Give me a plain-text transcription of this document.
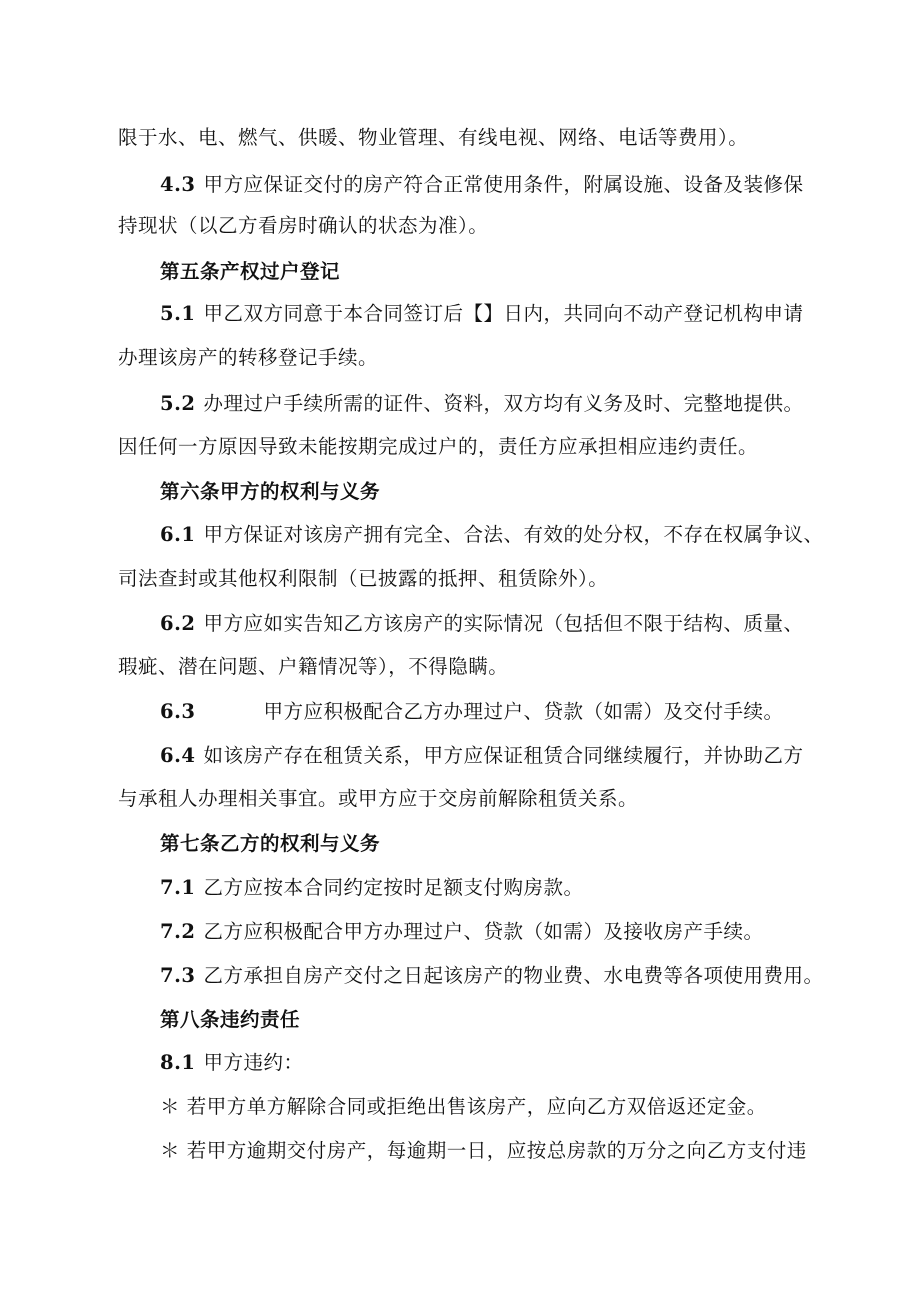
限于水、电、燃气、供暖、物业管理、有线电视、网络、电话等费用）。
4.3 甲方应保证交付的房产符合正常使用条件，附属设施、设备及装修保
持现状（以乙方看房时确认的状态为准）。
第五条产权过户登记
5.1 甲乙双方同意于本合同签订后【】日内，共同向不动产登记机构申请
办理该房产的转移登记手续。
5.2 办理过户手续所需的证件、资料，双方均有义务及时、完整地提供。
因任何一方原因导致未能按期完成过户的，责任方应承担相应违约责任。
第六条甲方的权利与义务
6.1 甲方保证对该房产拥有完全、合法、有效的处分权，不存在权属争议、
司法查封或其他权利限制（已披露的抵押、租赁除外）。
6.2 甲方应如实告知乙方该房产的实际情况（包括但不限于结构、质量、
瑕疵、潜在问题、户籍情况等），不得隐瞒。
6.3	甲方应积极配合乙方办理过户、贷款（如需）及交付手续。
6.4 如该房产存在租赁关系，甲方应保证租赁合同继续履行，并协助乙方
与承租人办理相关事宜。或甲方应于交房前解除租赁关系。
第七条乙方的权利与义务
7.1 乙方应按本合同约定按时足额支付购房款。
7.2 乙方应积极配合甲方办理过户、贷款（如需）及接收房产手续。
7.3 乙方承担自房产交付之日起该房产的物业费、水电费等各项使用费用。
第八条违约责任
8.1 甲方违约：
＊ 若甲方单方解除合同或拒绝出售该房产，应向乙方双倍返还定金。
＊ 若甲方逾期交付房产，每逾期一日，应按总房款的万分之向乙方支付违
